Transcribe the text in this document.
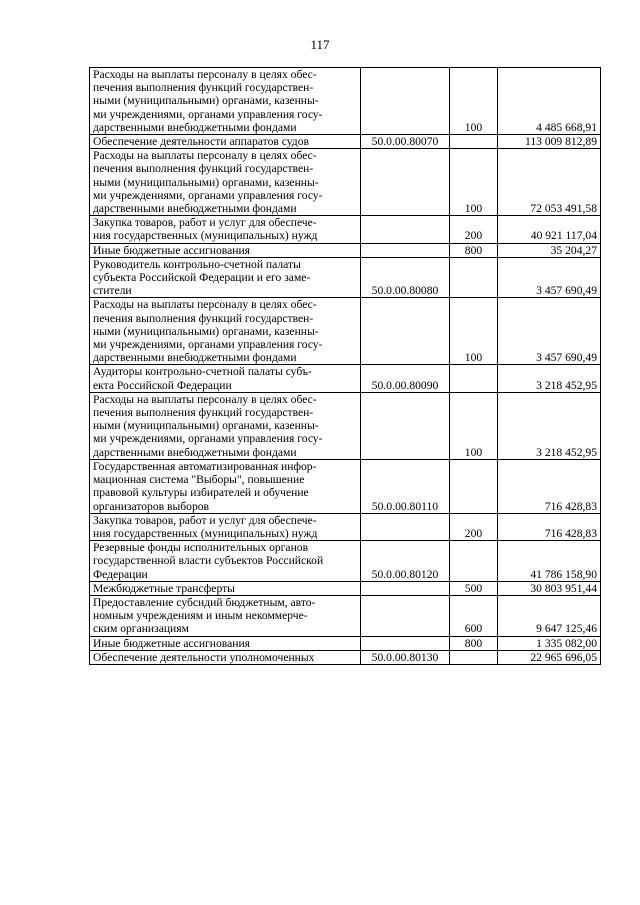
117
Расходы на выплаты персоналу в целях обес-
печения выполнения функций государствен-
ными (муниципальными) органами, казенны-
ми учреждениями, органами управления госу-
дарственными внебюджетными фондами		100	4 485 668,91

Обеспечение деятельности аппаратов судов	50.0.00.80070		113 009 812,89

Расходы на выплаты персоналу в целях обес-
печения выполнения функций государствен-
ными (муниципальными) органами, казенны-
ми учреждениями, органами управления госу-
дарственными внебюджетными фондами		100	72 053 491,58

Закупка товаров, работ и услуг для обеспече-
ния государственных (муниципальных) нужд		200	40 921 117,04

Иные бюджетные ассигнования		800	35 204,27

Руководитель контрольно-счетной палаты
субъекта Российской Федерации и его заме-
стители	50.0.00.80080		3 457 690,49

Расходы на выплаты персоналу в целях обес-
печения выполнения функций государствен-
ными (муниципальными) органами, казенны-
ми учреждениями, органами управления госу-
дарственными внебюджетными фондами		100	3 457 690,49

Аудиторы контрольно-счетной палаты субъ-
екта Российской Федерации	50.0.00.80090		3 218 452,95

Расходы на выплаты персоналу в целях обес-
печения выполнения функций государствен-
ными (муниципальными) органами, казенны-
ми учреждениями, органами управления госу-
дарственными внебюджетными фондами		100	3 218 452,95

Государственная автоматизированная инфор-
мационная система "Выборы", повышение
правовой культуры избирателей и обучение
организаторов выборов	50.0.00.80110		716 428,83

Закупка товаров, работ и услуг для обеспече-
ния государственных (муниципальных) нужд		200	716 428,83

Резервные фонды исполнительных органов
государственной власти субъектов Российской
Федерации	50.0.00.80120		41 786 158,90

Межбюджетные трансферты		500	30 803 951,44

Предоставление субсидий бюджетным, авто-
номным учреждениям и иным некоммерче-
ским организациям		600	9 647 125,46

Иные бюджетные ассигнования		800	1 335 082,00

Обеспечение деятельности уполномоченных	50.0.00.80130		22 965 696,05
